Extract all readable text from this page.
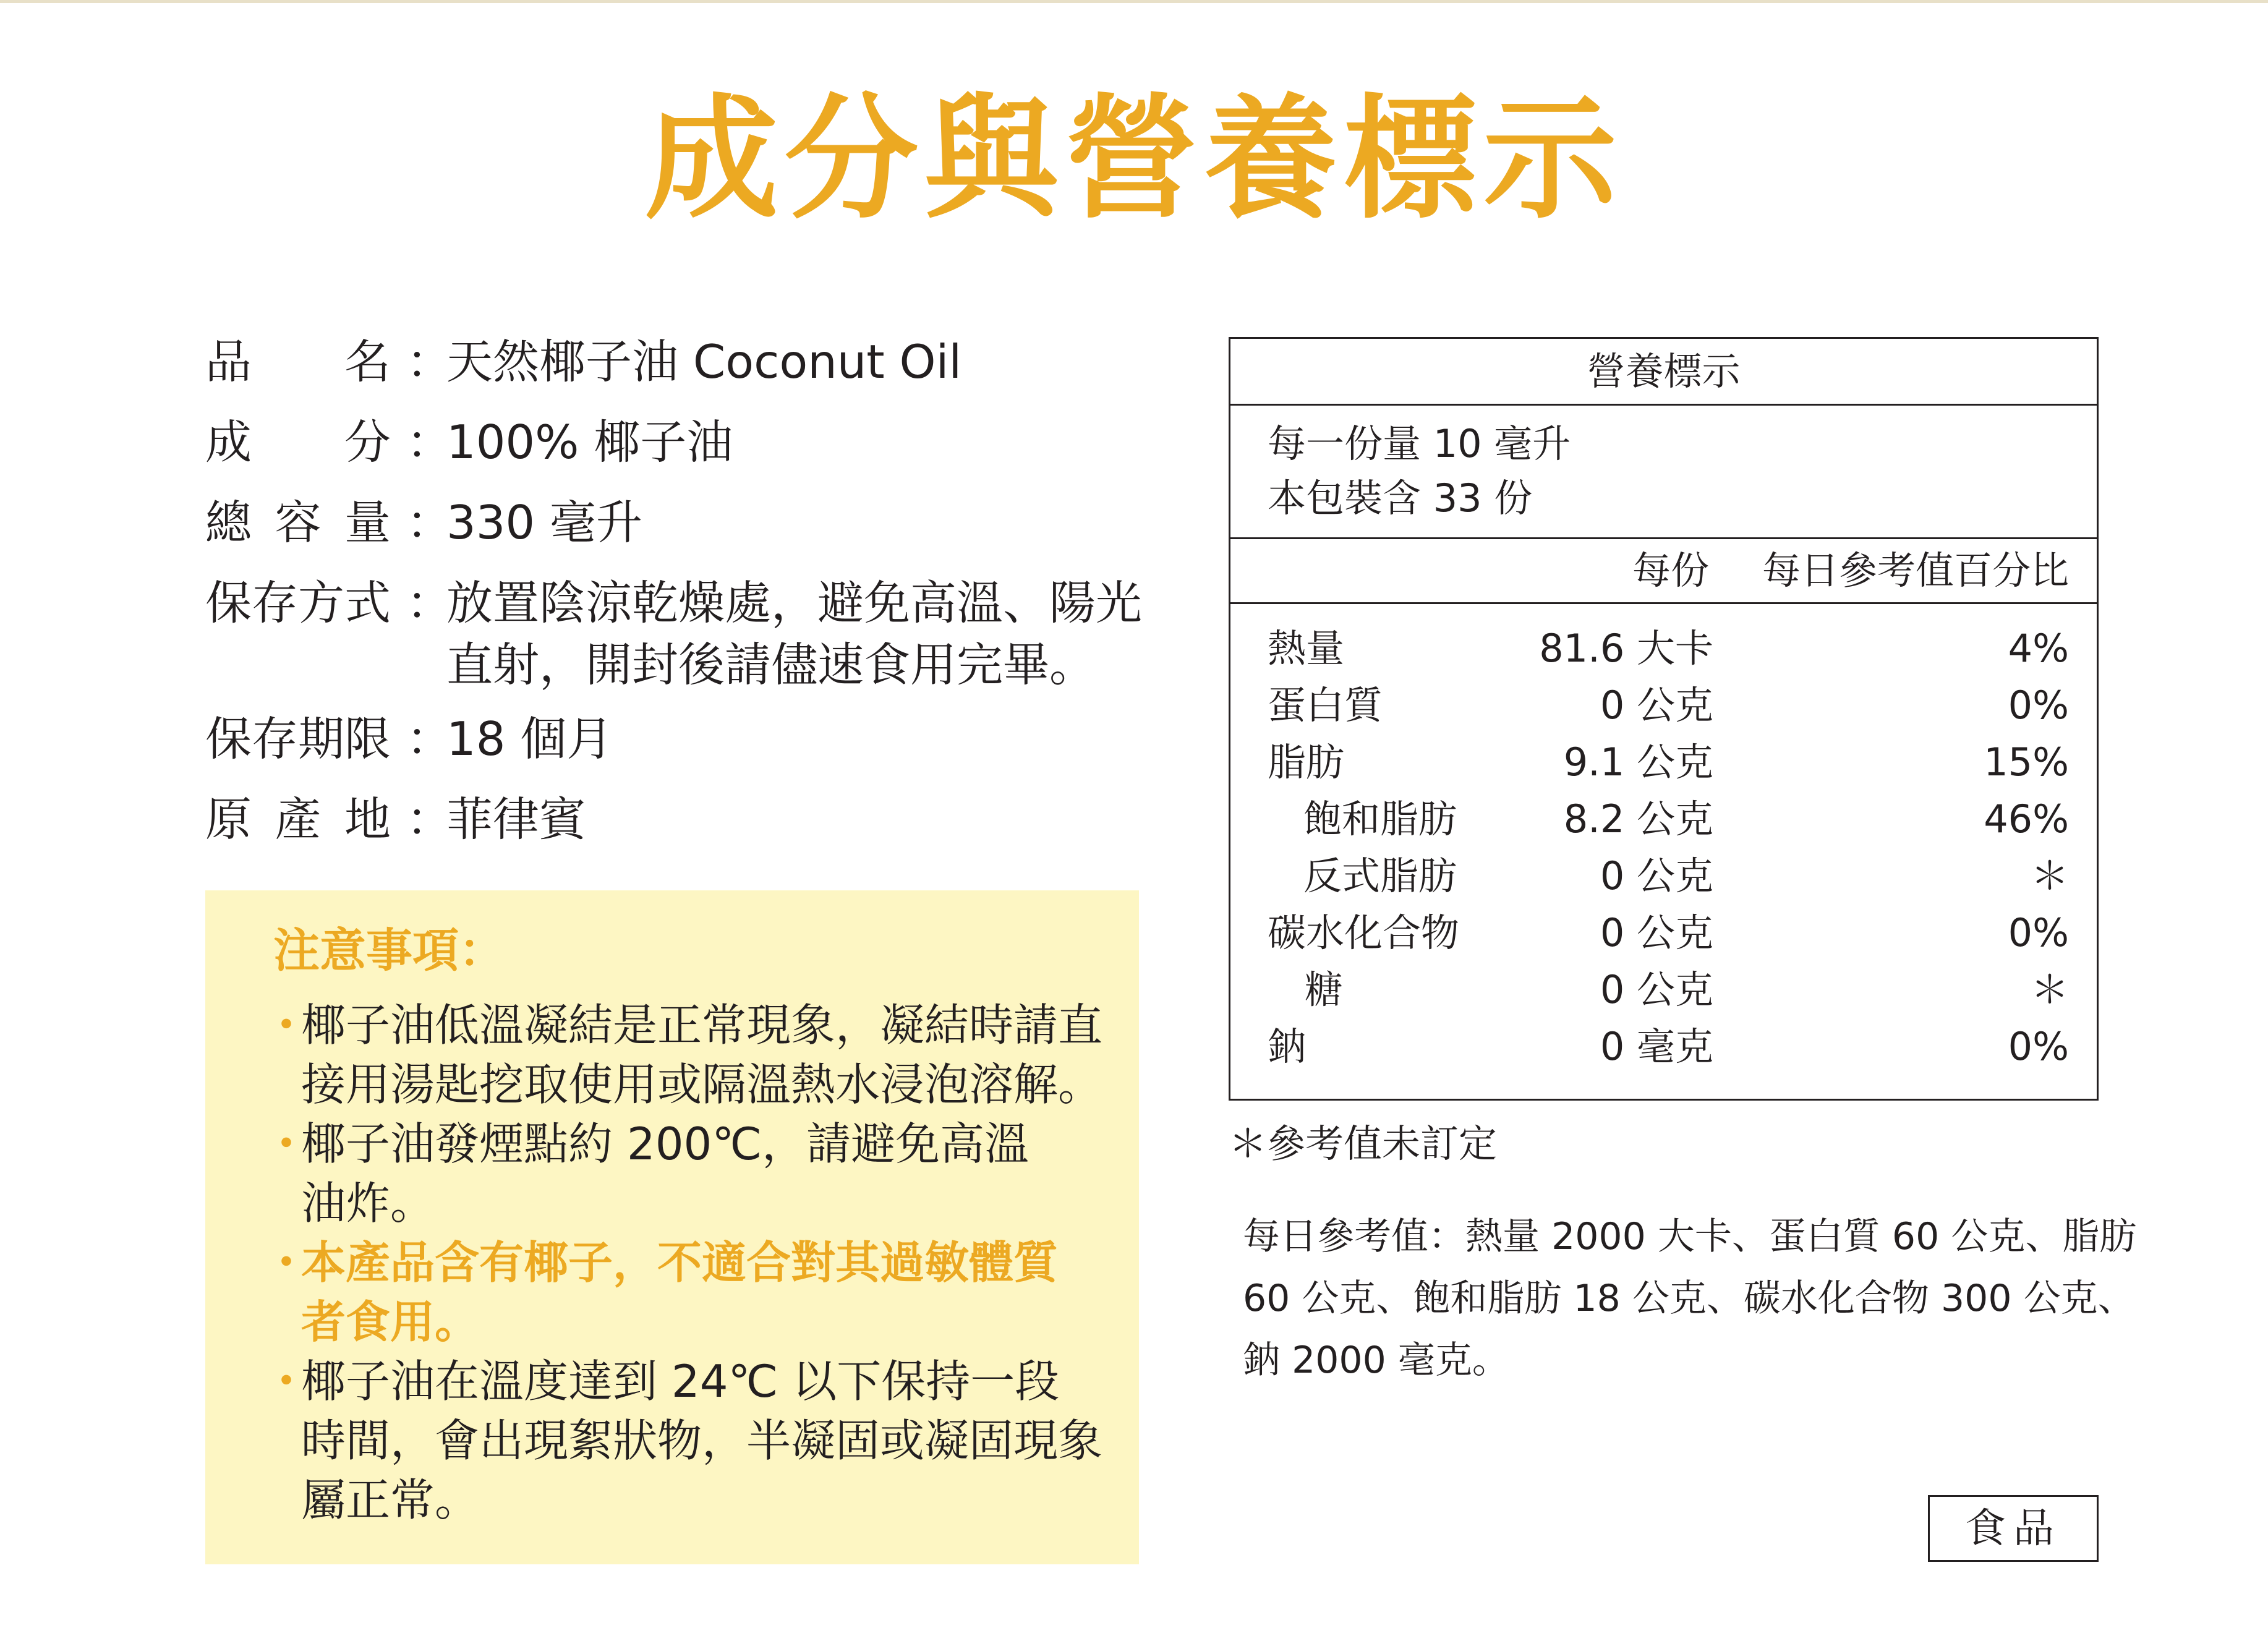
成分與營養標示
品 名 ：
天然椰子油 Coconut Oil
成 分 ：
100% 椰子油
總 容 量 ：
330 毫升
保 存 方 式 ：
放置陰涼乾燥處，避免高溫、陽光
直射，開封後請儘速食用完畢。
保 存 期 限 ：
18 個月
原 產 地 ：
菲律賓
注意事項：
・
椰子油低溫凝結是正常現象，凝結時請直
接用湯匙挖取使用或隔溫熱水浸泡溶解。
・
椰子油發煙點約 200℃，請避免高溫
油炸。
・
本產品含有椰子，不適合對其過敏體質
者食用。
・
椰子油在溫度達到 24℃ 以下保持一段
時間，會出現絮狀物，半凝固或凝固現象
屬正常。
營養標示
每一份量 10 毫升
本包裝含 33 份
每份 每日參考值百分比
熱量	81.6 大卡	4%
蛋白質	0 公克	0%
脂肪	9.1 公克	15%
飽和脂肪	8.2 公克	46%
反式脂肪	0 公克	＊
碳水化合物	0 公克	0%
糖	0 公克	＊
鈉	0 毫克	0%
＊參考值未訂定
每日參考值：熱量 2000 大卡、蛋白質 60 公克、脂肪
60 公克、飽和脂肪 18 公克、碳水化合物 300 公克、
鈉 2000 毫克。
食品
